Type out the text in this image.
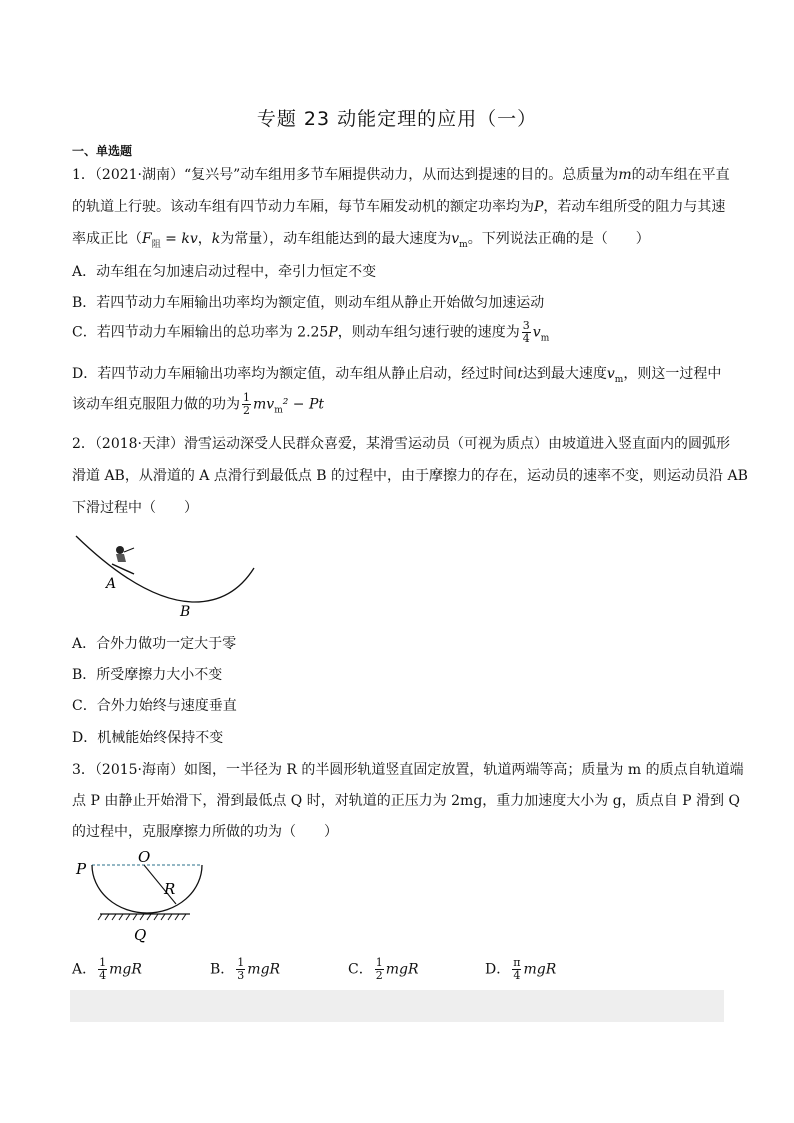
专题 23 动能定理的应用（一）
一、单选题
1．（2021·湖南）“复兴号”动车组用多节车厢提供动力，从而达到提速的目的。总质量为m的动车组在平直
的轨道上行驶。该动车组有四节动力车厢，每节车厢发动机的额定功率均为P，若动车组所受的阻力与其速
率成正比（$F_阻$ = kv，k为常量），动车组能达到的最大速度为$v_m$。下列说法正确的是（　　）
A．动车组在匀加速启动过程中，牵引力恒定不变
B．若四节动力车厢输出功率均为额定值，则动车组从静止开始做匀加速运动
C．若四节动力车厢输出的总功率为 2.25P，则动车组匀速行驶的速度为 $\frac{3}{4} v_m$
D．若四节动力车厢输出功率均为额定值，动车组从静止启动，经过时间t达到最大速度$v_m$，则这一过程中
该动车组克服阻力做的功为 $\frac{1}{2} mv_m^2 - Pt$
2．（2018·天津）滑雪运动深受人民群众喜爱，某滑雪运动员（可视为质点）由坡道进入竖直面内的圆弧形
滑道 AB，从滑道的 A 点滑行到最低点 B 的过程中，由于摩擦力的存在，运动员的速率不变，则运动员沿 AB
下滑过程中（　　）
A
B
A．合外力做功一定大于零
B．所受摩擦力大小不变
C．合外力始终与速度垂直
D．机械能始终保持不变
3．（2015·海南）如图，一半径为 R 的半圆形轨道竖直固定放置，轨道两端等高；质量为 m 的质点自轨道端
点 P 由静止开始滑下，滑到最低点 Q 时，对轨道的正压力为 2mg，重力加速度大小为 g，质点自 P 滑到 Q
的过程中，克服摩擦力所做的功为（　　）
P
O
R
Q
A． $\frac{1}{4}$ mgR	B． $\frac{1}{3}$ mgR	C． $\frac{1}{2}$ mgR	D． $\frac{\pi}{4}$ mgR
